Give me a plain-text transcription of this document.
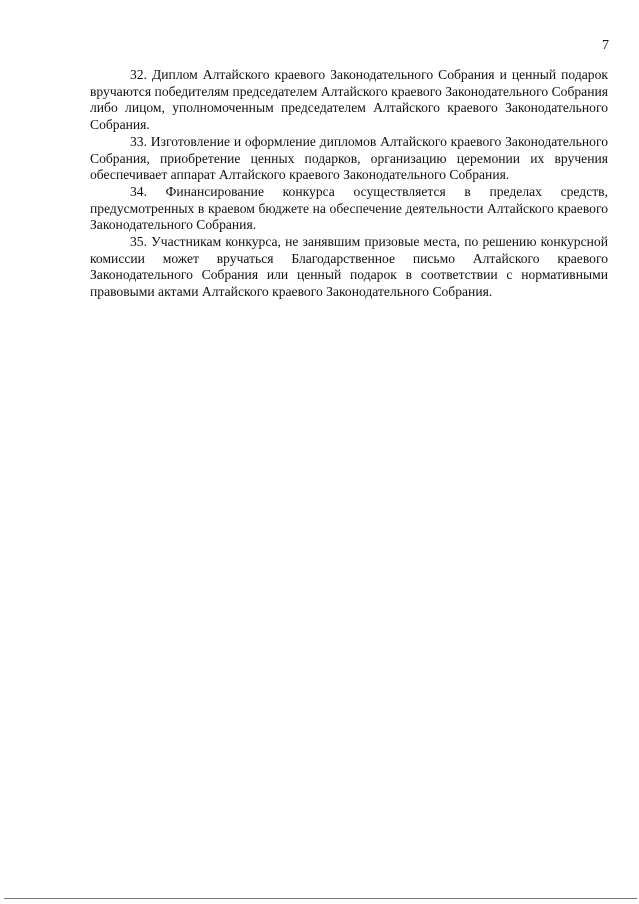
7

32. Диплом Алтайского краевого Законодательного Собрания и ценный подарок вручаются победителям председателем Алтайского краевого Законодательного Собрания либо лицом, уполномоченным председателем Алтайского краевого Законодательного Собрания.

33. Изготовление и оформление дипломов Алтайского краевого Законодательного Собрания, приобретение ценных подарков, организацию церемонии их вручения обеспечивает аппарат Алтайского краевого Законодательного Собрания.

34. Финансирование конкурса осуществляется в пределах средств, предусмотренных в краевом бюджете на обеспечение деятельности Алтайского краевого Законодательного Собрания.

35. Участникам конкурса, не занявшим призовые места, по решению конкурсной комиссии может вручаться Благодарственное письмо Алтайского краевого Законодательного Собрания или ценный подарок в соответствии с нормативными правовыми актами Алтайского краевого Законодательного Собрания.
